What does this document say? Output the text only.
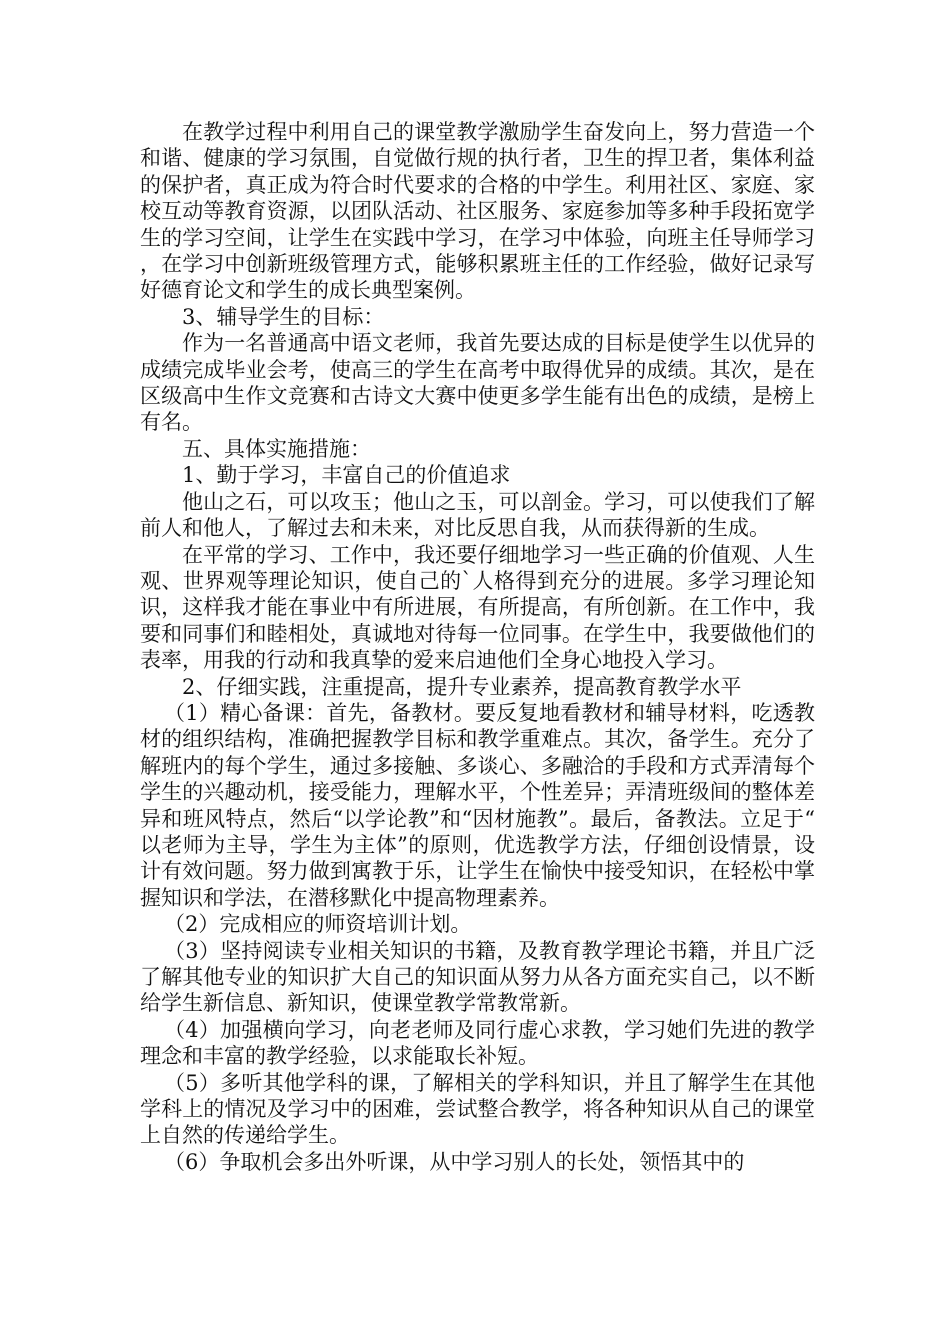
在教学过程中利用自己的课堂教学激励学生奋发向上，努力营造一个和谐、健康的学习氛围，自觉做行规的执行者，卫生的捍卫者，集体利益的保护者，真正成为符合时代要求的合格的中学生。利用社区、家庭、家校互动等教育资源，以团队活动、社区服务、家庭参加等多种手段拓宽学生的学习空间，让学生在实践中学习，在学习中体验，向班主任导师学习，在学习中创新班级管理方式，能够积累班主任的工作经验，做好记录写好德育论文和学生的成长典型案例。

3、辅导学生的目标：

作为一名普通高中语文老师，我首先要达成的目标是使学生以优异的成绩完成毕业会考，使高三的学生在高考中取得优异的成绩。其次，是在区级高中生作文竞赛和古诗文大赛中使更多学生能有出色的成绩，是榜上有名。

五、具体实施措施：

1、勤于学习，丰富自己的价值追求

他山之石，可以攻玉；他山之玉，可以剖金。学习，可以使我们了解前人和他人，了解过去和未来，对比反思自我，从而获得新的生成。

在平常的学习、工作中，我还要仔细地学习一些正确的价值观、人生观、世界观等理论知识，使自己的`人格得到充分的进展。多学习理论知识，这样我才能在事业中有所进展，有所提高，有所创新。在工作中，我要和同事们和睦相处，真诚地对待每一位同事。在学生中，我要做他们的表率，用我的行动和我真挚的爱来启迪他们全身心地投入学习。

2、仔细实践，注重提高，提升专业素养，提高教育教学水平

（1）精心备课：首先，备教材。要反复地看教材和辅导材料，吃透教材的组织结构，准确把握教学目标和教学重难点。其次，备学生。充分了解班内的每个学生，通过多接触、多谈心、多融洽的手段和方式弄清每个学生的兴趣动机，接受能力，理解水平，个性差异；弄清班级间的整体差异和班风特点，然后“以学论教”和“因材施教”。最后，备教法。立足于“以老师为主导，学生为主体”的原则，优选教学方法，仔细创设情景，设计有效问题。努力做到寓教于乐，让学生在愉快中接受知识，在轻松中掌握知识和学法，在潜移默化中提高物理素养。

（2）完成相应的师资培训计划。

（3）坚持阅读专业相关知识的书籍，及教育教学理论书籍，并且广泛了解其他专业的知识扩大自己的知识面从努力从各方面充实自己，以不断给学生新信息、新知识，使课堂教学常教常新。

（4）加强横向学习，向老老师及同行虚心求教，学习她们先进的教学理念和丰富的教学经验，以求能取长补短。

（5）多听其他学科的课，了解相关的学科知识，并且了解学生在其他学科上的情况及学习中的困难，尝试整合教学，将各种知识从自己的课堂上自然的传递给学生。

（6）争取机会多出外听课，从中学习别人的长处，领悟其中的
